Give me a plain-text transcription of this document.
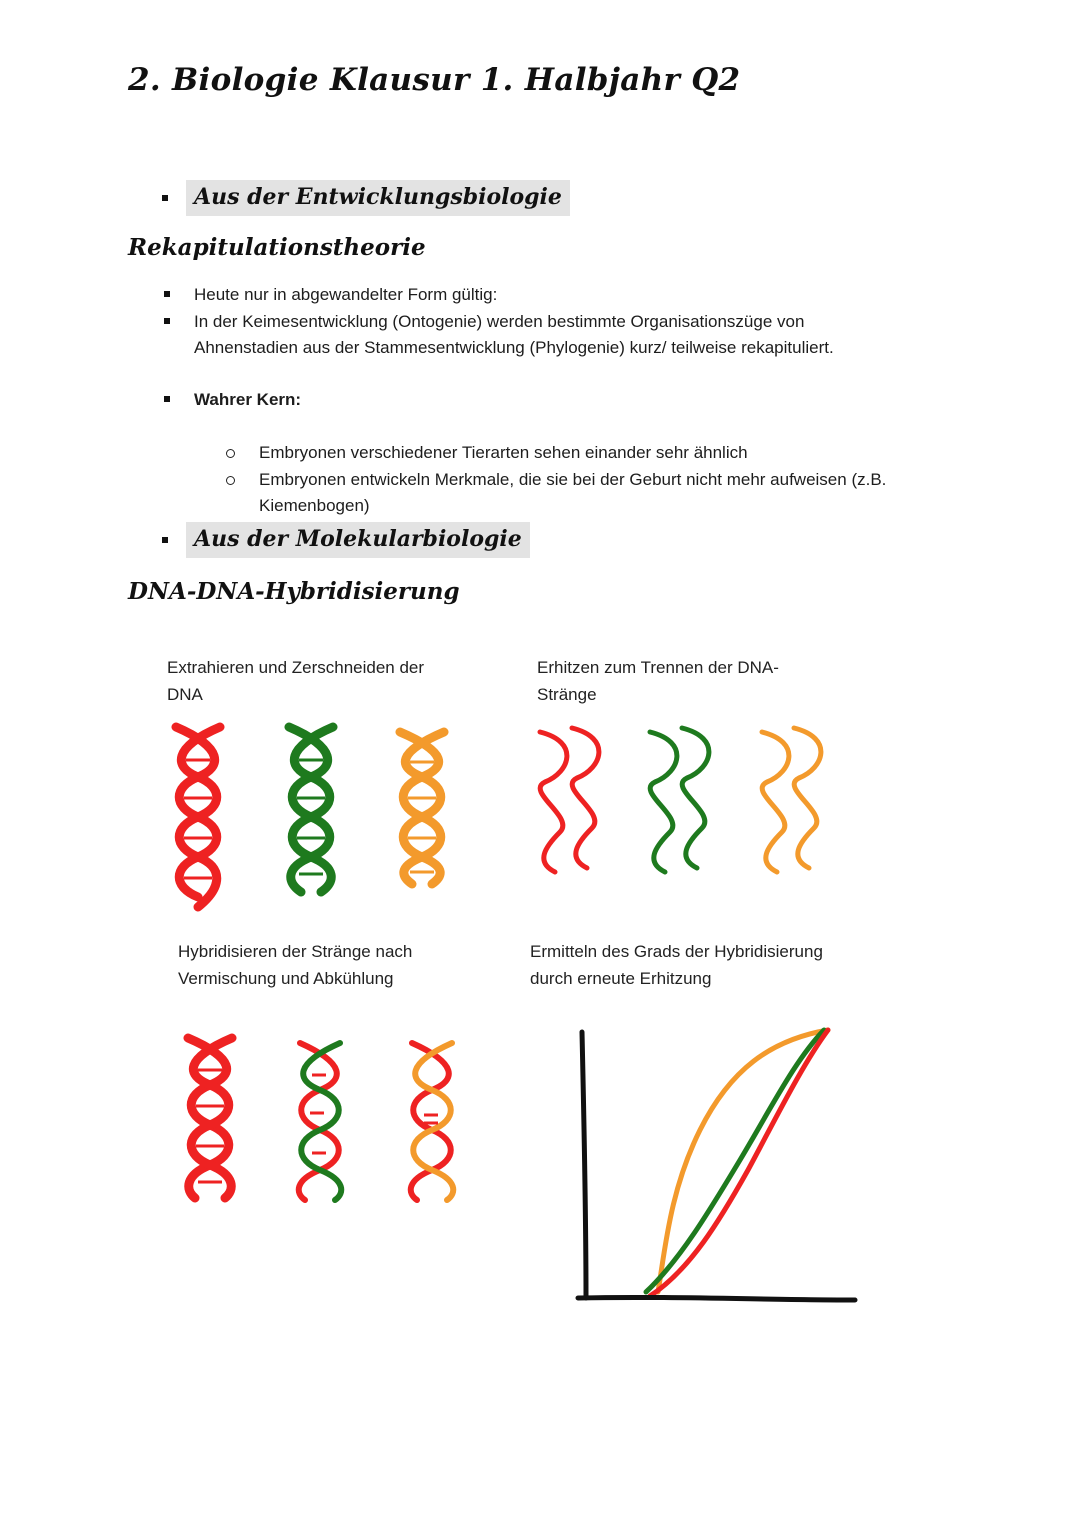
2. Biologie Klausur 1. Halbjahr Q2
Aus der Entwicklungsbiologie
Rekapitulationstheorie
Heute nur in abgewandelter Form gültig:
In der Keimesentwicklung (Ontogenie) werden bestimmte Organisationszüge von
Ahnenstadien aus der Stammesentwicklung (Phylogenie) kurz/ teilweise rekapituliert.
Wahrer Kern:
Embryonen verschiedener Tierarten sehen einander sehr ähnlich
Embryonen entwickeln Merkmale, die sie bei der Geburt nicht mehr aufweisen (z.B.
Kiemenbogen)
Aus der Molekularbiologie
DNA-DNA-Hybridisierung
Extrahieren und Zerschneiden der
DNA
Erhitzen zum Trennen der DNA-
Stränge
Hybridisieren der Stränge nach
Vermischung und Abkühlung
Ermitteln des Grads der Hybridisierung
durch erneute Erhitzung
